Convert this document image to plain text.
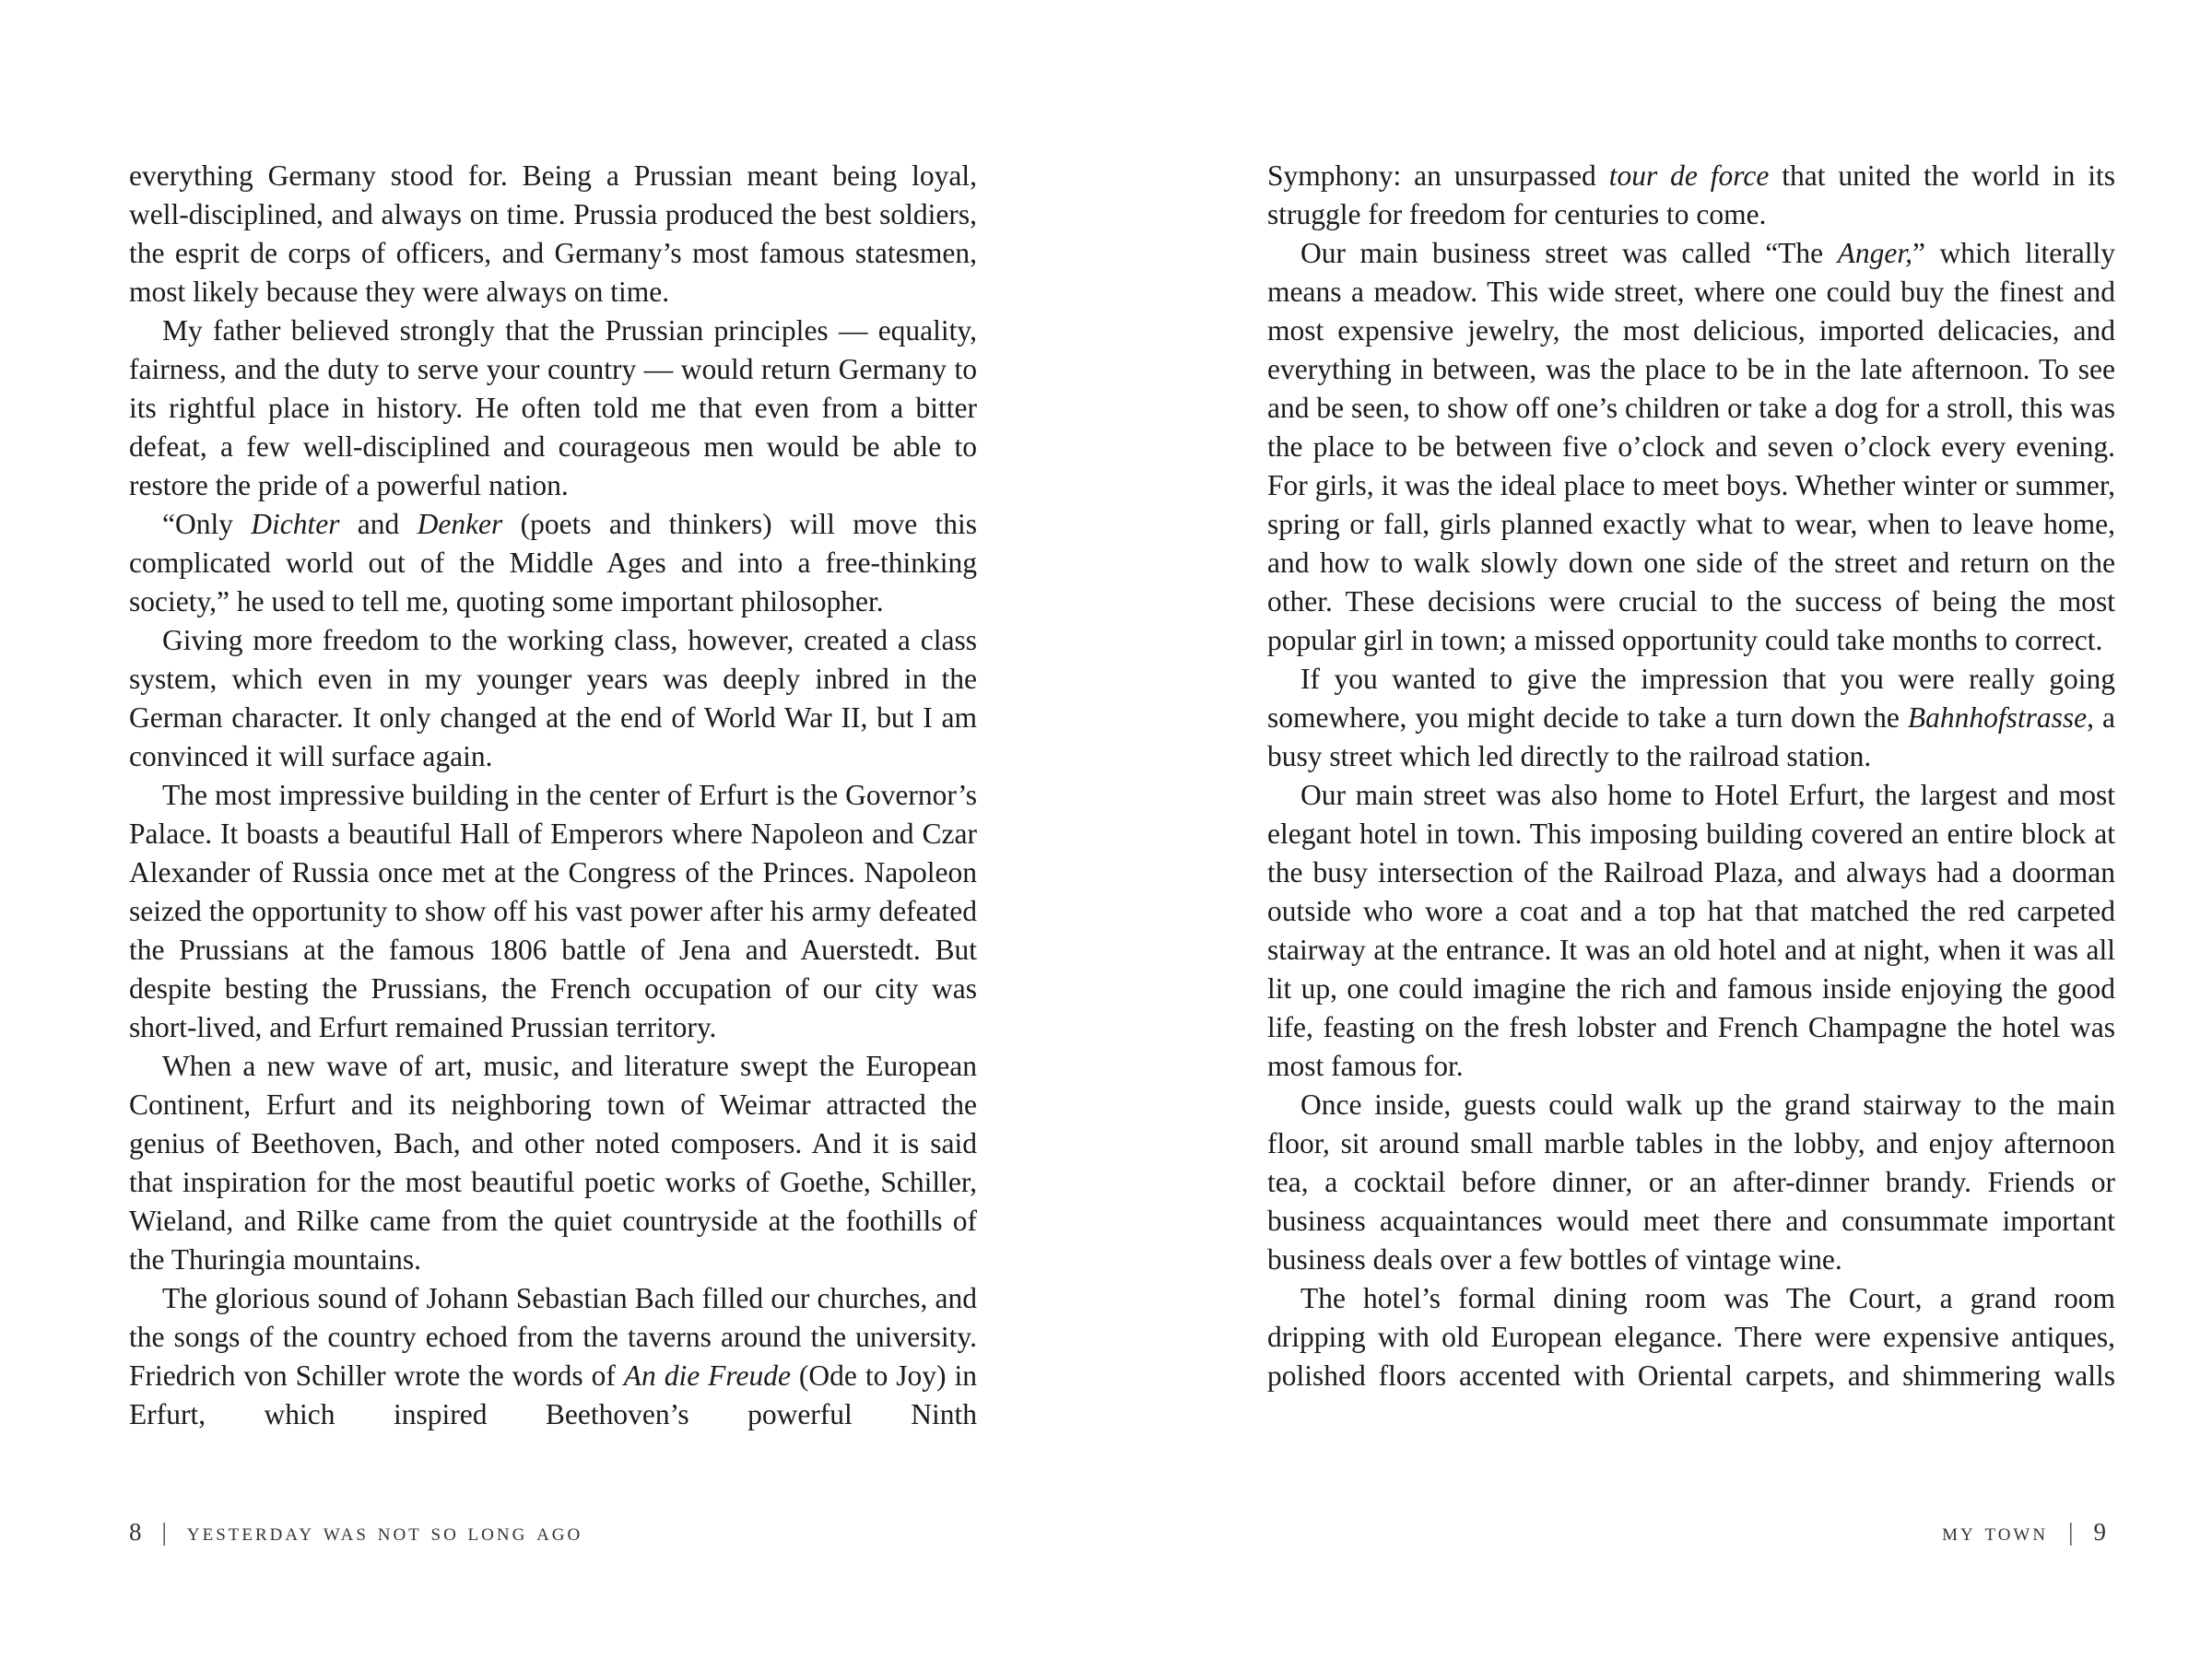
everything Germany stood for. Being a Prussian meant being loyal, well-disciplined, and always on time. Prussia produced the best soldiers, the esprit de corps of officers, and Germany’s most famous statesmen, most likely because they were always on time.

My father believed strongly that the Prussian principles — equality, fairness, and the duty to serve your country — would return Germany to its rightful place in history. He often told me that even from a bitter defeat, a few well-disciplined and courageous men would be able to restore the pride of a powerful nation.

“Only Dichter and Denker (poets and thinkers) will move this complicated world out of the Middle Ages and into a free-thinking society,” he used to tell me, quoting some important philosopher.

Giving more freedom to the working class, however, created a class system, which even in my younger years was deeply inbred in the German character. It only changed at the end of World War II, but I am convinced it will surface again.

The most impressive building in the center of Erfurt is the Governor’s Palace. It boasts a beautiful Hall of Emperors where Napoleon and Czar Alexander of Russia once met at the Congress of the Princes. Napoleon seized the opportunity to show off his vast power after his army defeated the Prussians at the famous 1806 battle of Jena and Auerstedt. But despite besting the Prussians, the French occupation of our city was short-lived, and Erfurt remained Prussian territory.

When a new wave of art, music, and literature swept the European Continent, Erfurt and its neighboring town of Weimar attracted the genius of Beethoven, Bach, and other noted composers. And it is said that inspiration for the most beautiful poetic works of Goethe, Schiller, Wieland, and Rilke came from the quiet countryside at the foothills of the Thuringia mountains.

The glorious sound of Johann Sebastian Bach filled our churches, and the songs of the country echoed from the taverns around the university. Friedrich von Schiller wrote the words of An die Freude (Ode to Joy) in Erfurt, which inspired Beethoven’s powerful Ninth

8 | yesterday was not so long ago

Symphony: an unsurpassed tour de force that united the world in its struggle for freedom for centuries to come.

Our main business street was called “The Anger,” which literally means a meadow. This wide street, where one could buy the finest and most expensive jewelry, the most delicious, imported delicacies, and everything in between, was the place to be in the late afternoon. To see and be seen, to show off one’s children or take a dog for a stroll, this was the place to be between five o’clock and seven o’clock every evening. For girls, it was the ideal place to meet boys. Whether winter or summer, spring or fall, girls planned exactly what to wear, when to leave home, and how to walk slowly down one side of the street and return on the other. These decisions were crucial to the success of being the most popular girl in town; a missed opportunity could take months to correct.

If you wanted to give the impression that you were really going somewhere, you might decide to take a turn down the Bahnhofstrasse, a busy street which led directly to the railroad station.

Our main street was also home to Hotel Erfurt, the largest and most elegant hotel in town. This imposing building covered an entire block at the busy intersection of the Railroad Plaza, and always had a doorman outside who wore a coat and a top hat that matched the red carpeted stairway at the entrance. It was an old hotel and at night, when it was all lit up, one could imagine the rich and famous inside enjoying the good life, feasting on the fresh lobster and French Champagne the hotel was most famous for.

Once inside, guests could walk up the grand stairway to the main floor, sit around small marble tables in the lobby, and enjoy afternoon tea, a cocktail before dinner, or an after-dinner brandy. Friends or business acquaintances would meet there and consummate important business deals over a few bottles of vintage wine.

The hotel’s formal dining room was The Court, a grand room dripping with old European elegance. There were expensive antiques, polished floors accented with Oriental carpets, and shimmering walls

my town | 9
